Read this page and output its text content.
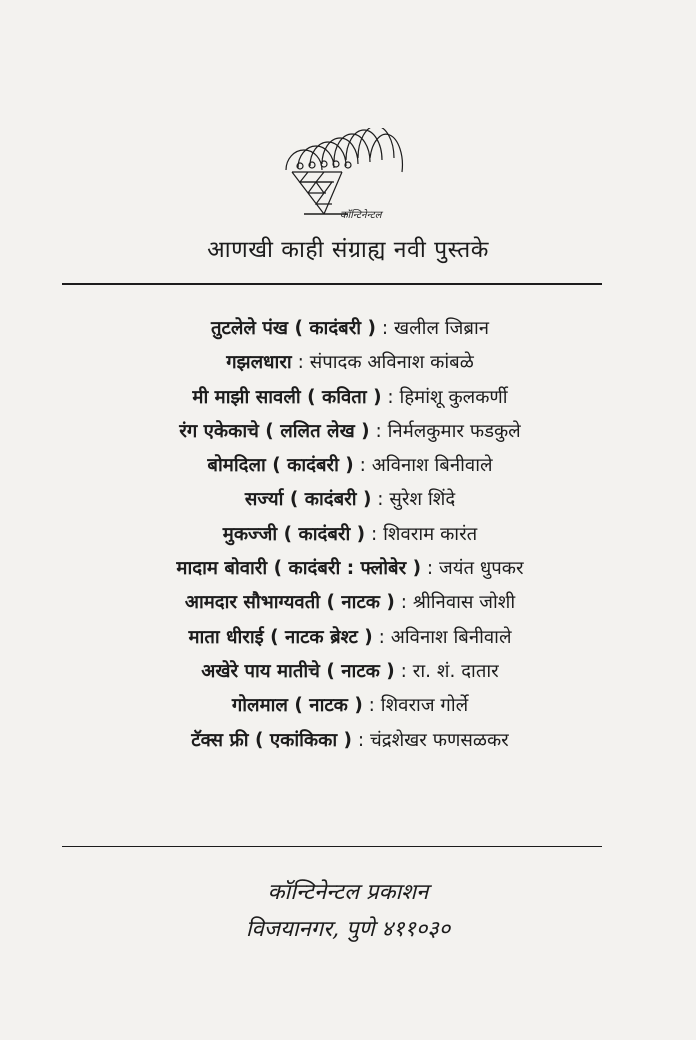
कॉन्टिनेन्टल
आणखी काही संग्राह्य नवी पुस्तके
तुटलेले पंख ( कादंबरी ) : खलील जिब्रान
गझलधारा : संपादक अविनाश कांबळे
मी माझी सावली ( कविता ) : हिमांशू कुलकर्णी
रंग एकेकाचे ( ललित लेख ) : निर्मलकुमार फडकुले
बोमदिला ( कादंबरी ) : अविनाश बिनीवाले
सर्ज्या ( कादंबरी ) : सुरेश शिंदे
मुकज्जी ( कादंबरी ) : शिवराम कारंत
मादाम बोवारी ( कादंबरी : फ्लोबेर ) : जयंत धुपकर
आमदार सौभाग्यवती ( नाटक ) : श्रीनिवास जोशी
माता धीराई ( नाटक ब्रेश्ट ) : अविनाश बिनीवाले
अखेरे पाय मातीचे ( नाटक ) : रा. शं. दातार
गोलमाल ( नाटक ) : शिवराज गोर्ले
टॅक्स फ्री ( एकांकिका ) : चंद्रशेखर फणसळकर
कॉन्टिनेन्टल प्रकाशन
विजयानगर, पुणे ४११०३०
